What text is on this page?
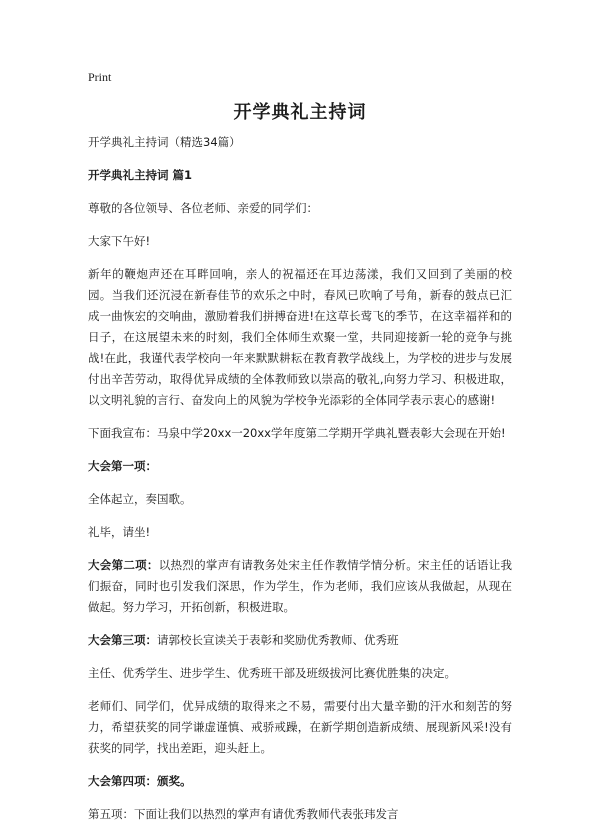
Print
开学典礼主持词

开学典礼主持词（精选34篇）

开学典礼主持词 篇1

尊敬的各位领导、各位老师、亲爱的同学们：

大家下午好!

新年的鞭炮声还在耳畔回响，亲人的祝福还在耳边荡漾，我们又回到了美丽的校园。当我们还沉浸在新春佳节的欢乐之中时，春风已吹响了号角，新春的鼓点已汇成一曲恢宏的交响曲，激励着我们拼搏奋进!在这草长莺飞的季节，在这幸福祥和的日子，在这展望未来的时刻，我们全体师生欢聚一堂，共同迎接新一轮的竞争与挑战!在此，我谨代表学校向一年来默默耕耘在教育教学战线上，为学校的进步与发展付出辛苦劳动，取得优异成绩的全体教师致以崇高的敬礼,向努力学习、积极进取，以文明礼貌的言行、奋发向上的风貌为学校争光添彩的全体同学表示衷心的感谢!

下面我宣布：马泉中学20xx一20xx学年度第二学期开学典礼暨表彰大会现在开始!

大会第一项：

全体起立，奏国歌。

礼毕，请坐!

大会第二项：以热烈的掌声有请教务处宋主任作教情学情分析。宋主任的话语让我们振奋，同时也引发我们深思，作为学生，作为老师，我们应该从我做起，从现在做起。努力学习，开拓创新，积极进取。

大会第三项：请郭校长宣读关于表彰和奖励优秀教师、优秀班

主任、优秀学生、进步学生、优秀班干部及班级拔河比赛优胜集的决定。

老师们、同学们，优异成绩的取得来之不易，需要付出大量辛勤的汗水和刻苦的努力，希望获奖的同学谦虚谨慎、戒骄戒躁，在新学期创造新成绩、展现新风采!没有获奖的同学，找出差距，迎头赶上。

大会第四项：颁奖。

第五项：下面让我们以热烈的掌声有请优秀教师代表张玮发言
